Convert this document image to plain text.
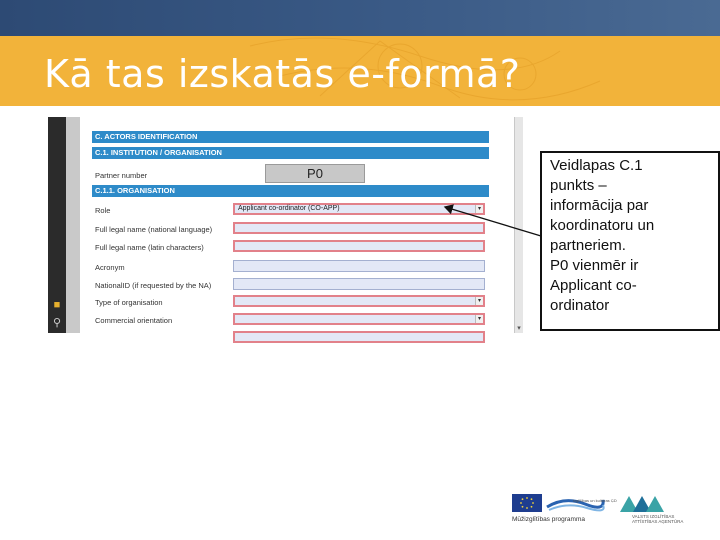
Kā tas izskatās e-formā?
■
⚲
C. ACTORS IDENTIFICATION
C.1. INSTITUTION / ORGANISATION
Partner number	P0
C.1.1. ORGANISATION
Role	Applicant co-ordinator (CO-APP)	▾
Full legal name (national language)
Full legal name (latin characters)
Acronym
NationalID (if requested by the NA)
Type of organisation	▾
Commercial orientation	▾
▾
Veidlapas C.1
punkts –
informācija par
koordinatoru un
partneriem.
P0 vienmēr ir
Applicant co-
ordinator
Izglītības un kultūras ĢD
Mūžizglītības programma	VALSTS IZGLĪTĪBAS
ATTĪSTĪBAS AĢENTŪRA
